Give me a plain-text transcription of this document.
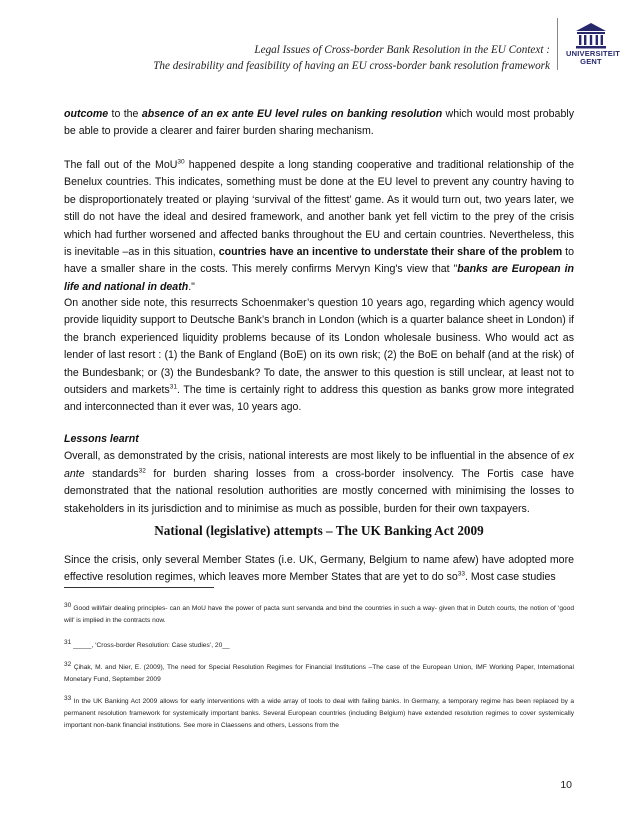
Legal Issues of Cross-border Bank Resolution in the EU Context :
The desirability and feasibility of having an EU cross-border bank resolution framework
UNIVERSITEIT
GENT

outcome to the absence of an ex ante EU level rules on banking resolution which would most probably be able to provide a clearer and fairer burden sharing mechanism.

The fall out of the MoU$^{30}$ happened despite a long standing cooperative and traditional relationship of the Benelux countries. This indicates, something must be done at the EU level to prevent any country having to be disproportionately treated or playing ‘survival of the fittest’ game. As it would turn out, two years later, we still do not have the ideal and desired framework, and another bank yet fell victim to the prey of the crisis which had further worsened and affected banks throughout the EU and certain countries. Nevertheless, this is inevitable –as in this situation, countries have an incentive to understate their share of the problem to have a smaller share in the costs. This merely confirms Mervyn King's view that "banks are European in life and national in death."

On another side note, this resurrects Schoenmaker’s question 10 years ago, regarding which agency would provide liquidity support to Deutsche Bank’s branch in London (which is a quarter balance sheet in London) if the branch experienced liquidity problems because of its London wholesale business. Who would act as lender of last resort : (1) the Bank of England (BoE) on its own risk; (2) the BoE on behalf (and at the risk) of the Bundesbank; or (3) the Bundesbank? To date, the answer to this question is still unclear, at least not to outsiders and markets$^{31}$. The time is certainly right to address this question as banks grow more integrated and interconnected than it ever was, 10 years ago.

Lessons learnt

Overall, as demonstrated by the crisis, national interests are most likely to be influential in the absence of ex ante standards$^{32}$ for burden sharing losses from a cross-border insolvency. The Fortis case have demonstrated that the national resolution authorities are mostly concerned with minimising the losses to stakeholders in its jurisdiction and to minimise as much as possible, burden for their own taxpayers.

National (legislative) attempts – The UK Banking Act 2009

Since the crisis, only several Member States (i.e. UK, Germany, Belgium to name afew) have adopted more effective resolution regimes, which leaves more Member States that are yet to do $so^{33}$. Most case studies

$^{30}$ Good will/fair dealing principles- can an MoU have the power of pacta sunt servanda and bind the countries in such a way- given that in Dutch courts, the notion of ‘good will’ is implied in the contracts now.
$^{31}$ _____, ‘Cross-border Resolution: Case studies’, 20__
$^{32}$ Çihak, M. and Nier, E. (2009), The need for Special Resolution Regimes for Financial Institutions –The case of the European Union, IMF Working Paper, International Monetary Fund, September 2009
$^{33}$ In the UK Banking Act 2009 allows for early interventions with a wide array of tools to deal with failing banks. In Germany, a temporary regime has been replaced by a permanent resolution framework for systemically important banks. Several European countries (including Belgium) have extended resolution regimes to cover systemically important non-bank financial institutions. See more in Claessens and others, Lessons from the
10
